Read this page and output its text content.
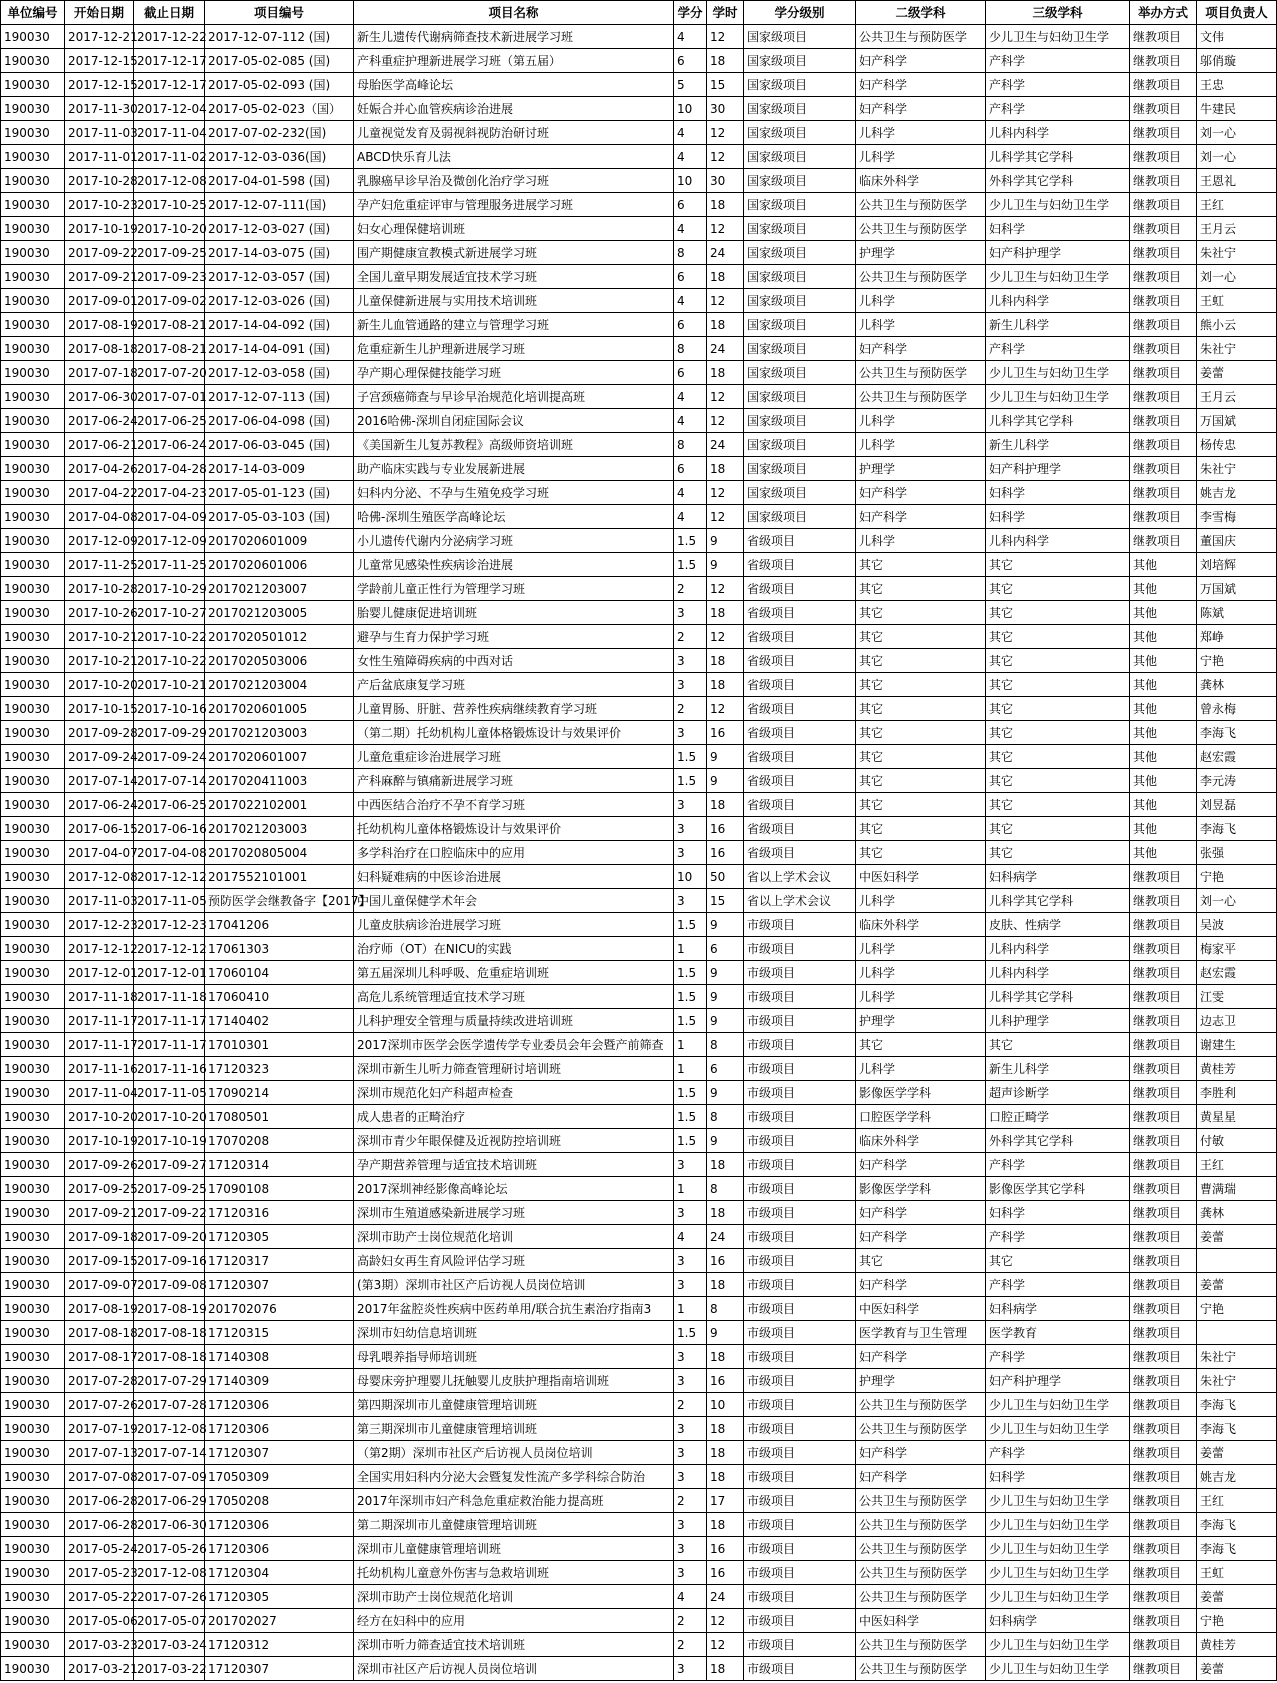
单位编号	开始日期	截止日期	项目编号	项目名称	学分	学时	学分级别	二级学科	三级学科	举办方式	项目负责人
190030	2017-12-21	2017-12-22	2017-12-07-112 (国)	新生儿遗传代谢病筛查技术新进展学习班	4	12	国家级项目	公共卫生与预防医学	少儿卫生与妇幼卫生学	继教项目	文伟
190030	2017-12-15	2017-12-17	2017-05-02-085 (国)	产科重症护理新进展学习班（第五届）	6	18	国家级项目	妇产科学	产科学	继教项目	邬俏璇
190030	2017-12-15	2017-12-17	2017-05-02-093 (国)	母胎医学高峰论坛	5	15	国家级项目	妇产科学	产科学	继教项目	王忠
190030	2017-11-30	2017-12-04	2017-05-02-023（国）	妊娠合并心血管疾病诊治进展	10	30	国家级项目	妇产科学	产科学	继教项目	牛建民
190030	2017-11-03	2017-11-04	2017-07-02-232(国)	儿童视觉发育及弱视斜视防治研讨班	4	12	国家级项目	儿科学	儿科内科学	继教项目	刘一心
190030	2017-11-01	2017-11-02	2017-12-03-036(国)	ABCD快乐育儿法	4	12	国家级项目	儿科学	儿科学其它学科	继教项目	刘一心
190030	2017-10-28	2017-12-08	2017-04-01-598 (国)	乳腺癌早诊早治及微创化治疗学习班	10	30	国家级项目	临床外科学	外科学其它学科	继教项目	王恩礼
190030	2017-10-23	2017-10-25	2017-12-07-111(国)	孕产妇危重症评审与管理服务进展学习班	6	18	国家级项目	公共卫生与预防医学	少儿卫生与妇幼卫生学	继教项目	王红
190030	2017-10-19	2017-10-20	2017-12-03-027 (国)	妇女心理保健培训班	4	12	国家级项目	公共卫生与预防医学	妇科学	继教项目	王月云
190030	2017-09-22	2017-09-25	2017-14-03-075 (国)	围产期健康宣教模式新进展学习班	8	24	国家级项目	护理学	妇产科护理学	继教项目	朱社宁
190030	2017-09-21	2017-09-23	2017-12-03-057 (国)	全国儿童早期发展适宜技术学习班	6	18	国家级项目	公共卫生与预防医学	少儿卫生与妇幼卫生学	继教项目	刘一心
190030	2017-09-01	2017-09-02	2017-12-03-026 (国)	儿童保健新进展与实用技术培训班	4	12	国家级项目	儿科学	儿科内科学	继教项目	王虹
190030	2017-08-19	2017-08-21	2017-14-04-092 (国)	新生儿血管通路的建立与管理学习班	6	18	国家级项目	儿科学	新生儿科学	继教项目	熊小云
190030	2017-08-18	2017-08-21	2017-14-04-091 (国)	危重症新生儿护理新进展学习班	8	24	国家级项目	妇产科学	产科学	继教项目	朱社宁
190030	2017-07-18	2017-07-20	2017-12-03-058 (国)	孕产期心理保健技能学习班	6	18	国家级项目	公共卫生与预防医学	少儿卫生与妇幼卫生学	继教项目	姜蕾
190030	2017-06-30	2017-07-01	2017-12-07-113 (国)	子宫颈癌筛查与早诊早治规范化培训提高班	4	12	国家级项目	公共卫生与预防医学	少儿卫生与妇幼卫生学	继教项目	王月云
190030	2017-06-24	2017-06-25	2017-06-04-098 (国)	2016哈佛-深圳自闭症国际会议	4	12	国家级项目	儿科学	儿科学其它学科	继教项目	万国斌
190030	2017-06-21	2017-06-24	2017-06-03-045 (国)	《美国新生儿复苏教程》高级师资培训班	8	24	国家级项目	儿科学	新生儿科学	继教项目	杨传忠
190030	2017-04-26	2017-04-28	2017-14-03-009	助产临床实践与专业发展新进展	6	18	国家级项目	护理学	妇产科护理学	继教项目	朱社宁
190030	2017-04-22	2017-04-23	2017-05-01-123 (国)	妇科内分泌、不孕与生殖免疫学习班	4	12	国家级项目	妇产科学	妇科学	继教项目	姚吉龙
190030	2017-04-08	2017-04-09	2017-05-03-103 (国)	哈佛-深圳生殖医学高峰论坛	4	12	国家级项目	妇产科学	妇科学	继教项目	李雪梅
190030	2017-12-09	2017-12-09	2017020601009	小儿遗传代谢内分泌病学习班	1.5	9	省级项目	儿科学	儿科内科学	继教项目	董国庆
190030	2017-11-25	2017-11-25	2017020601006	儿童常见感染性疾病诊治进展	1.5	9	省级项目	其它	其它	其他	刘培辉
190030	2017-10-28	2017-10-29	2017021203007	学龄前儿童正性行为管理学习班	2	12	省级项目	其它	其它	其他	万国斌
190030	2017-10-26	2017-10-27	2017021203005	胎婴儿健康促进培训班	3	18	省级项目	其它	其它	其他	陈斌
190030	2017-10-21	2017-10-22	2017020501012	避孕与生育力保护学习班	2	12	省级项目	其它	其它	其他	郑峥
190030	2017-10-21	2017-10-22	2017020503006	女性生殖障碍疾病的中西对话	3	18	省级项目	其它	其它	其他	宁艳
190030	2017-10-20	2017-10-21	2017021203004	产后盆底康复学习班	3	18	省级项目	其它	其它	其他	龚林
190030	2017-10-15	2017-10-16	2017020601005	儿童胃肠、肝脏、营养性疾病继续教育学习班	2	12	省级项目	其它	其它	其他	曾永梅
190030	2017-09-28	2017-09-29	2017021203003	（第二期）托幼机构儿童体格锻炼设计与效果评价	3	16	省级项目	其它	其它	其他	李海飞
190030	2017-09-24	2017-09-24	2017020601007	儿童危重症诊治进展学习班	1.5	9	省级项目	其它	其它	其他	赵宏霞
190030	2017-07-14	2017-07-14	2017020411003	产科麻醉与镇痛新进展学习班	1.5	9	省级项目	其它	其它	其他	李元涛
190030	2017-06-24	2017-06-25	2017022102001	中西医结合治疗不孕不育学习班	3	18	省级项目	其它	其它	其他	刘昱磊
190030	2017-06-15	2017-06-16	2017021203003	托幼机构儿童体格锻炼设计与效果评价	3	16	省级项目	其它	其它	其他	李海飞
190030	2017-04-07	2017-04-08	2017020805004	多学科治疗在口腔临床中的应用	3	16	省级项目	其它	其它	其他	张强
190030	2017-12-08	2017-12-12	2017552101001	妇科疑难病的中医诊治进展	10	50	省以上学术会议	中医妇科学	妇科病学	继教项目	宁艳
190030	2017-11-03	2017-11-05	预防医学会继教备字【2017】	中国儿童保健学术年会	3	15	省以上学术会议	儿科学	儿科学其它学科	继教项目	刘一心
190030	2017-12-23	2017-12-23	17041206	儿童皮肤病诊治进展学习班	1.5	9	市级项目	临床外科学	皮肤、性病学	继教项目	吴波
190030	2017-12-12	2017-12-12	17061303	治疗师（OT）在NICU的实践	1	6	市级项目	儿科学	儿科内科学	继教项目	梅家平
190030	2017-12-01	2017-12-01	17060104	第五届深圳儿科呼吸、危重症培训班	1.5	9	市级项目	儿科学	儿科内科学	继教项目	赵宏霞
190030	2017-11-18	2017-11-18	17060410	高危儿系统管理适宜技术学习班	1.5	9	市级项目	儿科学	儿科学其它学科	继教项目	江雯
190030	2017-11-17	2017-11-17	17140402	儿科护理安全管理与质量持续改进培训班	1.5	9	市级项目	护理学	儿科护理学	继教项目	边志卫
190030	2017-11-17	2017-11-17	17010301	2017深圳市医学会医学遗传学专业委员会年会暨产前筛查	1	8	市级项目	其它	其它	继教项目	谢建生
190030	2017-11-16	2017-11-16	17120323	深圳市新生儿听力筛查管理研讨培训班	1	6	市级项目	儿科学	新生儿科学	继教项目	黄桂芳
190030	2017-11-04	2017-11-05	17090214	深圳市规范化妇产科超声检查	1.5	9	市级项目	影像医学学科	超声诊断学	继教项目	李胜利
190030	2017-10-20	2017-10-20	17080501	成人患者的正畸治疗	1.5	8	市级项目	口腔医学学科	口腔正畸学	继教项目	黄星星
190030	2017-10-19	2017-10-19	17070208	深圳市青少年眼保健及近视防控培训班	1.5	9	市级项目	临床外科学	外科学其它学科	继教项目	付敏
190030	2017-09-26	2017-09-27	17120314	孕产期营养管理与适宜技术培训班	3	18	市级项目	妇产科学	产科学	继教项目	王红
190030	2017-09-25	2017-09-25	17090108	2017深圳神经影像高峰论坛	1	8	市级项目	影像医学学科	影像医学其它学科	继教项目	曹满瑞
190030	2017-09-21	2017-09-22	17120316	深圳市生殖道感染新进展学习班	3	18	市级项目	妇产科学	妇科学	继教项目	龚林
190030	2017-09-18	2017-09-20	17120305	深圳市助产士岗位规范化培训	4	24	市级项目	妇产科学	产科学	继教项目	姜蕾
190030	2017-09-15	2017-09-16	17120317	高龄妇女再生育风险评估学习班	3	16	市级项目	其它	其它	继教项目	
190030	2017-09-07	2017-09-08	17120307	(第3期）深圳市社区产后访视人员岗位培训	3	18	市级项目	妇产科学	产科学	继教项目	姜蕾
190030	2017-08-19	2017-08-19	201702076	2017年盆腔炎性疾病中医药单用/联合抗生素治疗指南3	1	8	市级项目	中医妇科学	妇科病学	继教项目	宁艳
190030	2017-08-18	2017-08-18	17120315	深圳市妇幼信息培训班	1.5	9	市级项目	医学教育与卫生管理	医学教育	继教项目	
190030	2017-08-17	2017-08-18	17140308	母乳喂养指导师培训班	3	18	市级项目	妇产科学	产科学	继教项目	朱社宁
190030	2017-07-28	2017-07-29	17140309	母婴床旁护理婴儿抚触婴儿皮肤护理指南培训班	3	16	市级项目	护理学	妇产科护理学	继教项目	朱社宁
190030	2017-07-26	2017-07-28	17120306	第四期深圳市儿童健康管理培训班	2	10	市级项目	公共卫生与预防医学	少儿卫生与妇幼卫生学	继教项目	李海飞
190030	2017-07-19	2017-12-08	17120306	第三期深圳市儿童健康管理培训班	3	18	市级项目	公共卫生与预防医学	少儿卫生与妇幼卫生学	继教项目	李海飞
190030	2017-07-13	2017-07-14	17120307	（第2期）深圳市社区产后访视人员岗位培训	3	18	市级项目	妇产科学	产科学	继教项目	姜蕾
190030	2017-07-08	2017-07-09	17050309	全国实用妇科内分泌大会暨复发性流产多学科综合防治	3	18	市级项目	妇产科学	妇科学	继教项目	姚吉龙
190030	2017-06-28	2017-06-29	17050208	2017年深圳市妇产科急危重症救治能力提高班	2	17	市级项目	公共卫生与预防医学	少儿卫生与妇幼卫生学	继教项目	王红
190030	2017-06-28	2017-06-30	17120306	第二期深圳市儿童健康管理培训班	3	18	市级项目	公共卫生与预防医学	少儿卫生与妇幼卫生学	继教项目	李海飞
190030	2017-05-24	2017-05-26	17120306	深圳市儿童健康管理培训班	3	16	市级项目	公共卫生与预防医学	少儿卫生与妇幼卫生学	继教项目	李海飞
190030	2017-05-23	2017-12-08	17120304	托幼机构儿童意外伤害与急救培训班	3	16	市级项目	公共卫生与预防医学	少儿卫生与妇幼卫生学	继教项目	王虹
190030	2017-05-22	2017-07-26	17120305	深圳市助产士岗位规范化培训	4	24	市级项目	公共卫生与预防医学	少儿卫生与妇幼卫生学	继教项目	姜蕾
190030	2017-05-06	2017-05-07	201702027	经方在妇科中的应用	2	12	市级项目	中医妇科学	妇科病学	继教项目	宁艳
190030	2017-03-23	2017-03-24	17120312	深圳市听力筛查适宜技术培训班	2	12	市级项目	公共卫生与预防医学	少儿卫生与妇幼卫生学	继教项目	黄桂芳
190030	2017-03-21	2017-03-22	17120307	深圳市社区产后访视人员岗位培训	3	18	市级项目	公共卫生与预防医学	少儿卫生与妇幼卫生学	继教项目	姜蕾
